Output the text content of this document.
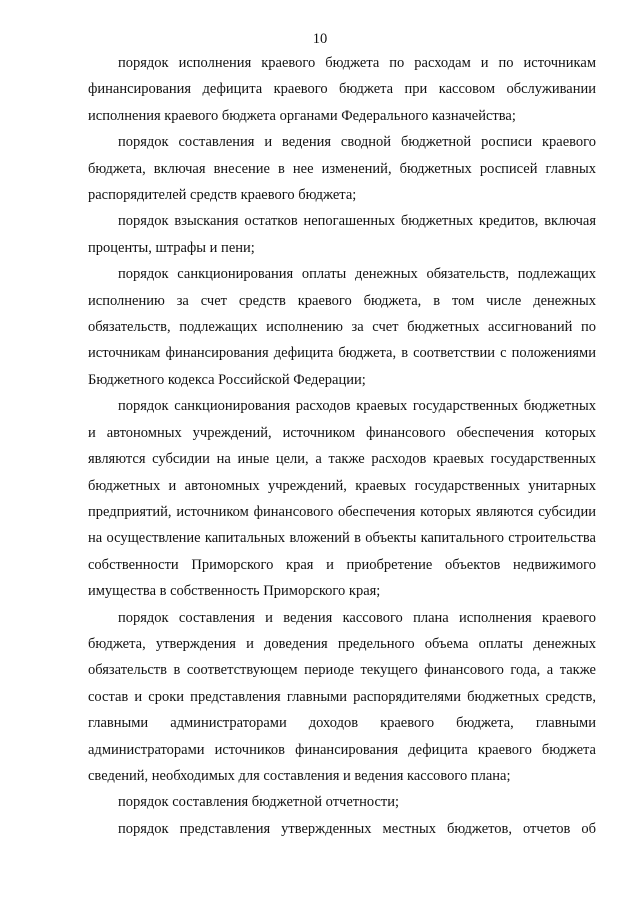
10

порядок исполнения краевого бюджета по расходам и по источникам финансирования дефицита краевого бюджета при кассовом обслуживании исполнения краевого бюджета органами Федерального казначейства;

порядок составления и ведения сводной бюджетной росписи краевого бюджета, включая внесение в нее изменений, бюджетных росписей главных распорядителей средств краевого бюджета;

порядок взыскания остатков непогашенных бюджетных кредитов, включая проценты, штрафы и пени;

порядок санкционирования оплаты денежных обязательств, подлежащих исполнению за счет средств краевого бюджета, в том числе денежных обязательств, подлежащих исполнению за счет бюджетных ассигнований по источникам финансирования дефицита бюджета, в соответствии с положениями Бюджетного кодекса Российской Федерации;

порядок санкционирования расходов краевых государственных бюджетных и автономных учреждений, источником финансового обеспечения которых являются субсидии на иные цели, а также расходов краевых государственных бюджетных и автономных учреждений, краевых государственных унитарных предприятий, источником финансового обеспечения которых являются субсидии на осуществление капитальных вложений в объекты капитального строительства собственности Приморского края и приобретение объектов недвижимого имущества в собственность Приморского края;

порядок составления и ведения кассового плана исполнения краевого бюджета, утверждения и доведения предельного объема оплаты денежных обязательств в соответствующем периоде текущего финансового года, а также состав и сроки представления главными распорядителями бюджетных средств, главными администраторами доходов краевого бюджета, главными администраторами источников финансирования дефицита краевого бюджета сведений, необходимых для составления и ведения кассового плана;

порядок составления бюджетной отчетности;

порядок представления утвержденных местных бюджетов, отчетов об
